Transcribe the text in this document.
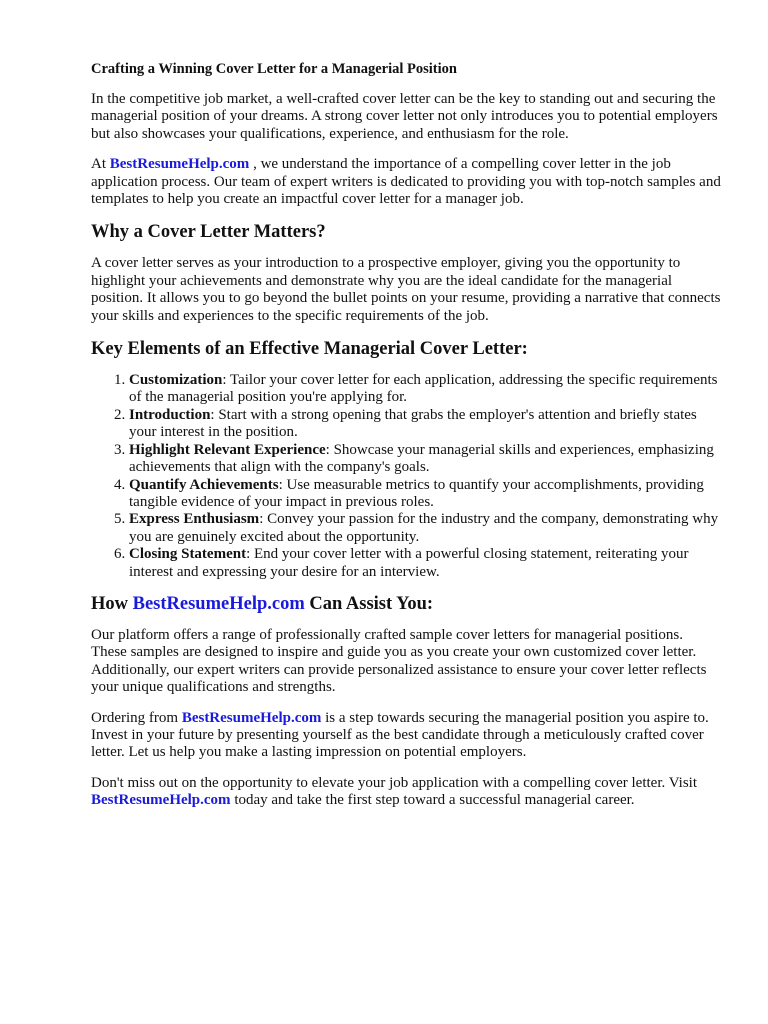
Crafting a Winning Cover Letter for a Managerial Position

In the competitive job market, a well-crafted cover letter can be the key to standing out and securing the managerial position of your dreams. A strong cover letter not only introduces you to potential employers but also showcases your qualifications, experience, and enthusiasm for the role.

At BestResumeHelp.com , we understand the importance of a compelling cover letter in the job application process. Our team of expert writers is dedicated to providing you with top-notch samples and templates to help you create an impactful cover letter for a manager job.

Why a Cover Letter Matters?

A cover letter serves as your introduction to a prospective employer, giving you the opportunity to highlight your achievements and demonstrate why you are the ideal candidate for the managerial position. It allows you to go beyond the bullet points on your resume, providing a narrative that connects your skills and experiences to the specific requirements of the job.

Key Elements of an Effective Managerial Cover Letter:
1. Customization: Tailor your cover letter for each application, addressing the specific requirements of the managerial position you're applying for.
2. Introduction: Start with a strong opening that grabs the employer's attention and briefly states your interest in the position.
3. Highlight Relevant Experience: Showcase your managerial skills and experiences, emphasizing achievements that align with the company's goals.
4. Quantify Achievements: Use measurable metrics to quantify your accomplishments, providing tangible evidence of your impact in previous roles.
5. Express Enthusiasm: Convey your passion for the industry and the company, demonstrating why you are genuinely excited about the opportunity.
6. Closing Statement: End your cover letter with a powerful closing statement, reiterating your interest and expressing your desire for an interview.
How BestResumeHelp.com Can Assist You:

Our platform offers a range of professionally crafted sample cover letters for managerial positions. These samples are designed to inspire and guide you as you create your own customized cover letter. Additionally, our expert writers can provide personalized assistance to ensure your cover letter reflects your unique qualifications and strengths.

Ordering from BestResumeHelp.com is a step towards securing the managerial position you aspire to. Invest in your future by presenting yourself as the best candidate through a meticulously crafted cover letter. Let us help you make a lasting impression on potential employers.

Don't miss out on the opportunity to elevate your job application with a compelling cover letter. Visit BestResumeHelp.com today and take the first step toward a successful managerial career.
